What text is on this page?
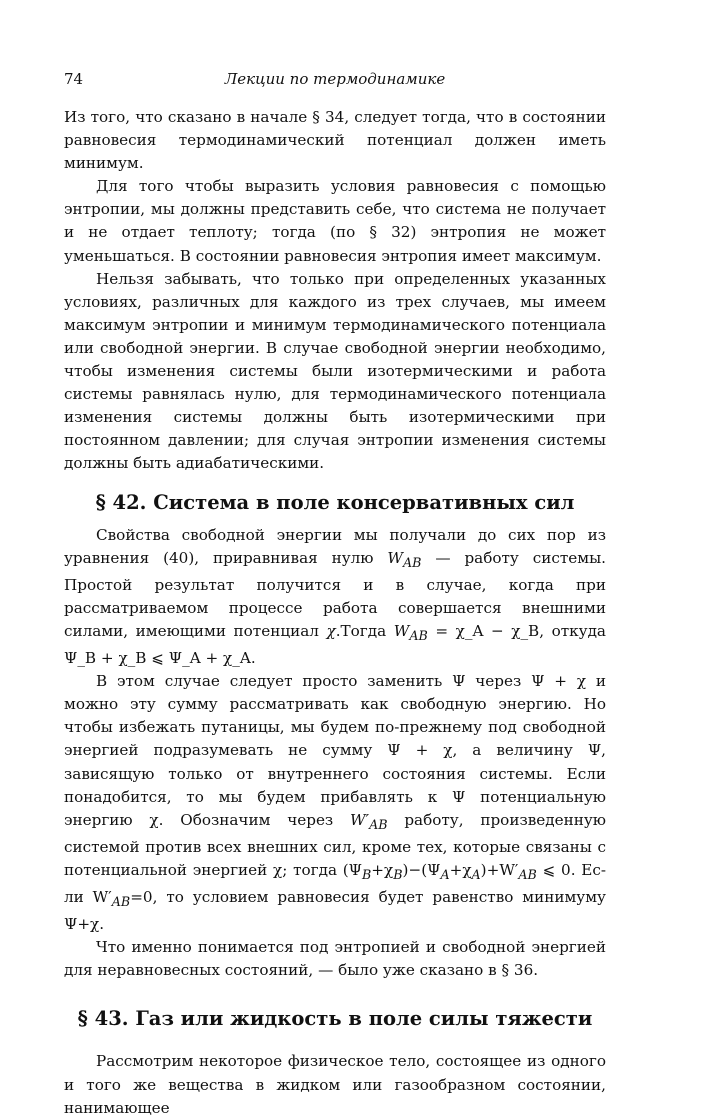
74	Лекции по термодинамике

Из того, что сказано в начале § 34, следует тогда, что в состоянии равновесия термодинамический потенциал должен иметь минимум.

Для того чтобы выразить условия равновесия с помощью энтропии, мы должны представить себе, что система не получает и не отдает теплоту; тогда (по § 32) энтропия не может уменьшаться. В состоянии равновесия энтропия имеет максимум.

Нельзя забывать, что только при определенных указанных условиях, различных для каждого из трех случаев, мы имеем максимум энтропии и минимум термодинамического потенциала или свободной энергии. В случае свободной энергии необходимо, чтобы изменения системы были изотермическими и работа системы равнялась нулю, для термодинамического потенциала изменения системы должны быть изотермическими при постоянном давлении; для случая энтропии изменения системы должны быть адиабатическими.

§ 42. Система в поле консервативных сил

Свойства свободной энергии мы получали до сих пор из уравнения (40), приравнивая нулю $W_{AB}$ — работу системы. Простой результат получится и в случае, когда при рассматриваемом процессе работа совершается внешними силами, имеющими потенциал χ.Тогда $W_{AB}$ = χ_A − χ_B, откуда Ψ_B + χ_B ⩽ Ψ_A + χ_A.

В этом случае следует просто заменить Ψ через Ψ + χ и можно эту сумму рассматривать как свободную энергию. Но чтобы избежать путаницы, мы будем по-прежнему под свободной энергией подразумевать не сумму Ψ + χ, а величину Ψ, зависящую только от внутреннего состояния системы. Если понадобится, то мы будем прибавлять к Ψ потенциальную энергию χ. Обозначим через $W'_{AB}$ работу, произведенную системой против всех внешних сил, кроме тех, которые связаны с потенциальной энергией χ; тогда $(\Psi_B+\chi_B)-(\Psi_A+\chi_A)+W'_{AB}$ ⩽ 0. Если $W'_{AB}=0$, то условием равновесия будет равенство минимуму Ψ+χ.

Что именно понимается под энтропией и свободной энергией для неравновесных состояний, — было уже сказано в § 36.

§ 43. Газ или жидкость в поле силы тяжести

Рассмотрим некоторое физическое тело, состоящее из одного и того же вещества в жидком или газообразном состоянии, нанимающее
